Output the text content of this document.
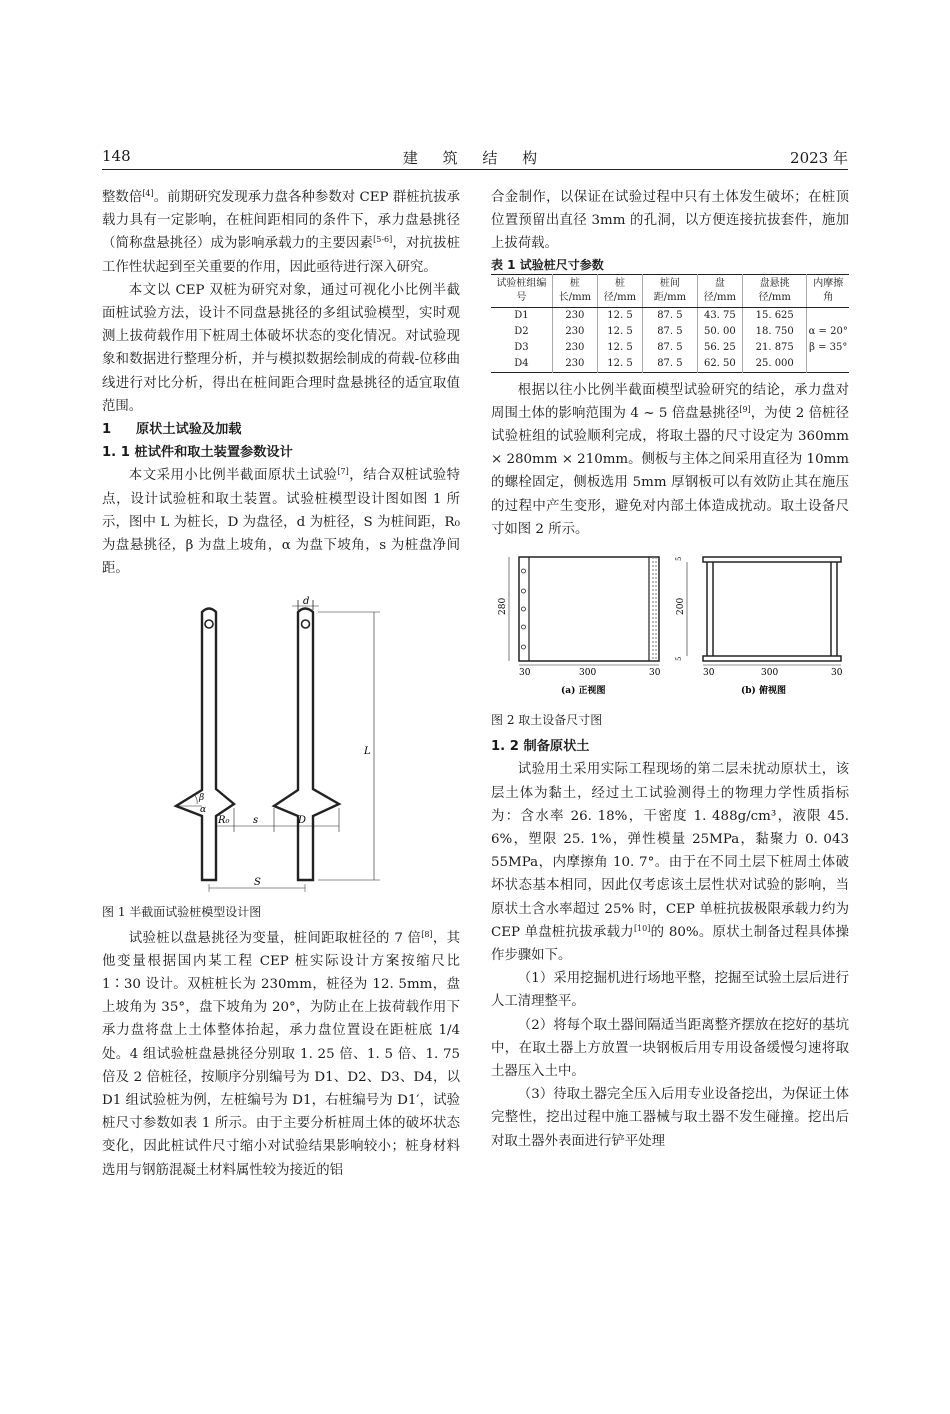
148	建 筑 结 构	2023 年

整数倍[4]。前期研究发现承力盘各种参数对 CEP 群桩抗拔承载力具有一定影响，在桩间距相同的条件下，承力盘悬挑径（简称盘悬挑径）成为影响承载力的主要因素[5-6]，对抗拔桩工作性状起到至关重要的作用，因此亟待进行深入研究。

本文以 CEP 双桩为研究对象，通过可视化小比例半截面桩试验方法，设计不同盘悬挑径的多组试验模型，实时观测上拔荷载作用下桩周土体破坏状态的变化情况。对试验现象和数据进行整理分析，并与模拟数据绘制成的荷载-位移曲线进行对比分析，得出在桩间距合理时盘悬挑径的适宜取值范围。

1 原状土试验及加载

1. 1 桩试件和取土装置参数设计

本文采用小比例半截面原状土试验[7]，结合双桩试验特点，设计试验桩和取土装置。试验桩模型设计图如图 1 所示，图中 L 为桩长，D 为盘径，d 为桩径，S 为桩间距，R₀ 为盘悬挑径，β 为盘上坡角，α 为盘下坡角，s 为桩盘净间距。

d
β
α
L
R₀ s	D
S

图 1 半截面试验桩模型设计图

试验桩以盘悬挑径为变量，桩间距取桩径的 7 倍[8]，其他变量根据国内某工程 CEP 桩实际设计方案按缩尺比 1∶30 设计。双桩桩长为 230mm，桩径为 12. 5mm，盘上坡角为 35°，盘下坡角为 20°，为防止在上拔荷载作用下承力盘将盘上土体整体抬起，承力盘位置设在距桩底 1/4 处。4 组试验桩盘悬挑径分别取 1. 25 倍、1. 5 倍、1. 75 倍及 2 倍桩径，按顺序分别编号为 D1、D2、D3、D4，以 D1 组试验桩为例，左桩编号为 D1，右桩编号为 D1′，试验桩尺寸参数如表 1 所示。由于主要分析桩周土体的破坏状态变化，因此桩试件尺寸缩小对试验结果影响较小；桩身材料选用与钢筋混凝土材料属性较为接近的铝

合金制作，以保证在试验过程中只有土体发生破坏；在桩顶位置预留出直径 3mm 的孔洞，以方便连接抗拔套件，施加上拔荷载。

表 1 试验桩尺寸参数

试验桩组编号	桩长/mm	桩径/mm	桩间距/mm	盘径/mm	盘悬挑径/mm	内摩擦角
D1	230	12. 5	87. 5	43. 75	15. 625	α = 20°
β = 35°
D2	230	12. 5	87. 5	50. 00	18. 750	
D3	230	12. 5	87. 5	56. 25	21. 875	
D4	230	12. 5	87. 5	62. 50	25. 000	

根据以往小比例半截面模型试验研究的结论，承力盘对周围土体的影响范围为 4 ~ 5 倍盘悬挑径[9]，为使 2 倍桩径试验桩组的试验顺利完成，将取土器的尺寸设定为 360mm × 280mm × 210mm。侧板与主体之间采用直径为 10mm 的螺栓固定，侧板选用 5mm 厚钢板可以有效防止其在施压的过程中产生变形，避免对内部土体造成扰动。取土设备尺寸如图 2 所示。

280
30	300	30
(a) 正视图
200
5
5
30	300	30
(b) 俯视图

图 2 取土设备尺寸图

1. 2 制备原状土

试验用土采用实际工程现场的第二层未扰动原状土，该层土体为黏土，经过土工试验测得土的物理力学性质指标为：含水率 26. 18%，干密度 1. 488g/cm³，液限 45. 6%，塑限 25. 1%，弹性模量 25MPa，黏聚力 0. 043 55MPa，内摩擦角 10. 7°。由于在不同土层下桩周土体破坏状态基本相同，因此仅考虑该土层性状对试验的影响，当原状土含水率超过 25% 时，CEP 单桩抗拔极限承载力约为 CEP 单盘桩抗拔承载力[10]的 80%。原状土制备过程具体操作步骤如下。

（1）采用挖掘机进行场地平整，挖掘至试验土层后进行人工清理整平。

（2）将每个取土器间隔适当距离整齐摆放在挖好的基坑中，在取土器上方放置一块钢板后用专用设备缓慢匀速将取土器压入土中。

（3）待取土器完全压入后用专业设备挖出，为保证土体完整性，挖出过程中施工器械与取土器不发生碰撞。挖出后对取土器外表面进行铲平处理
